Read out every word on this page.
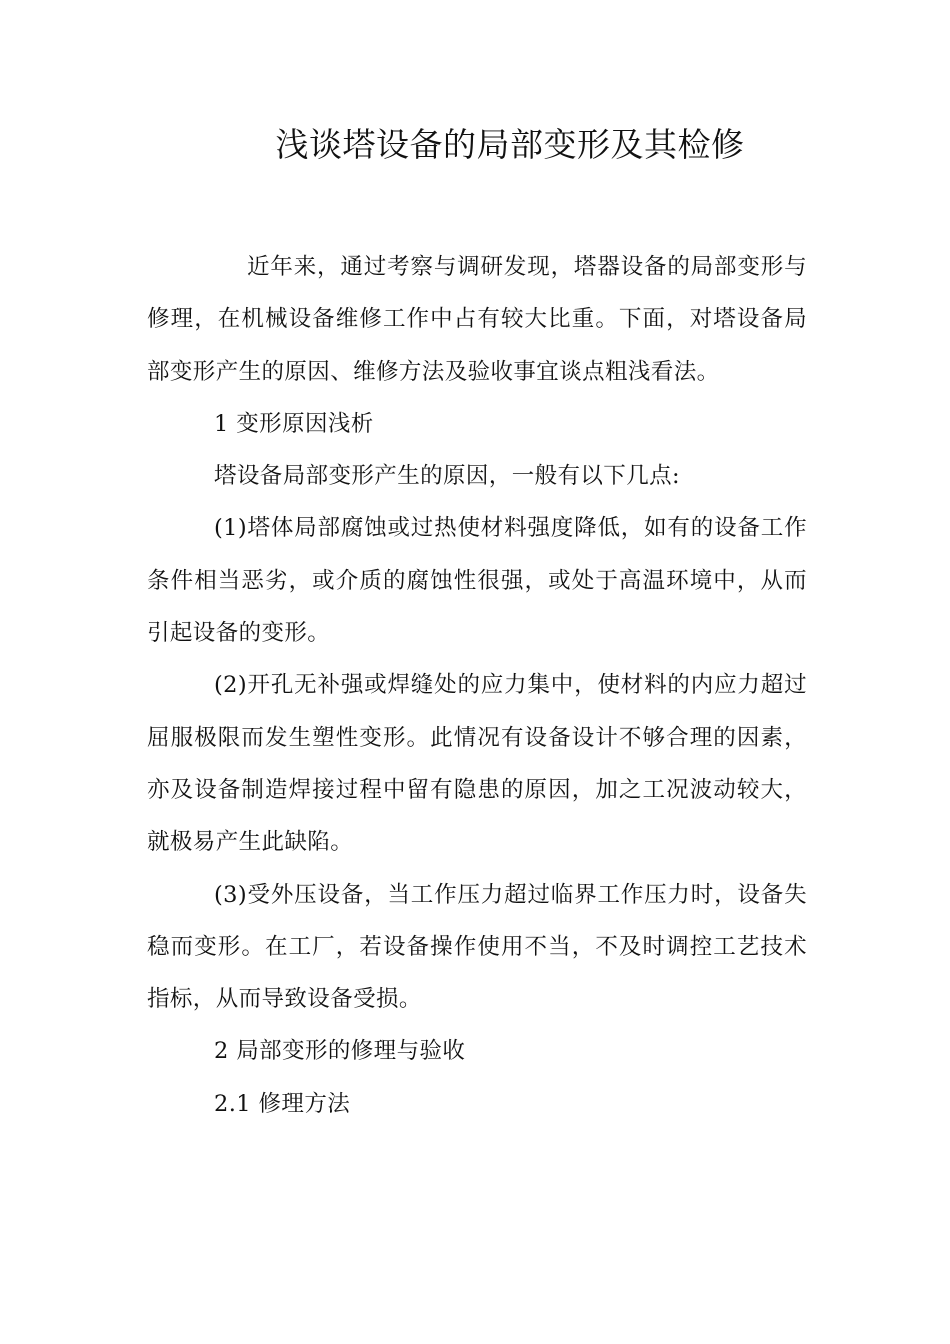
浅谈塔设备的局部变形及其检修

近年来，通过考察与调研发现，塔器设备的局部变形与修理，在机械设备维修工作中占有较大比重。下面，对塔设备局部变形产生的原因、维修方法及验收事宜谈点粗浅看法。

1 变形原因浅析

塔设备局部变形产生的原因，一般有以下几点:

(1)塔体局部腐蚀或过热使材料强度降低，如有的设备工作条件相当恶劣，或介质的腐蚀性很强，或处于高温环境中，从而引起设备的变形。

(2)开孔无补强或焊缝处的应力集中，使材料的内应力超过屈服极限而发生塑性变形。此情况有设备设计不够合理的因素，亦及设备制造焊接过程中留有隐患的原因，加之工况波动较大，就极易产生此缺陷。

(3)受外压设备，当工作压力超过临界工作压力时，设备失稳而变形。在工厂，若设备操作使用不当，不及时调控工艺技术指标，从而导致设备受损。

2 局部变形的修理与验收

2.1 修理方法
